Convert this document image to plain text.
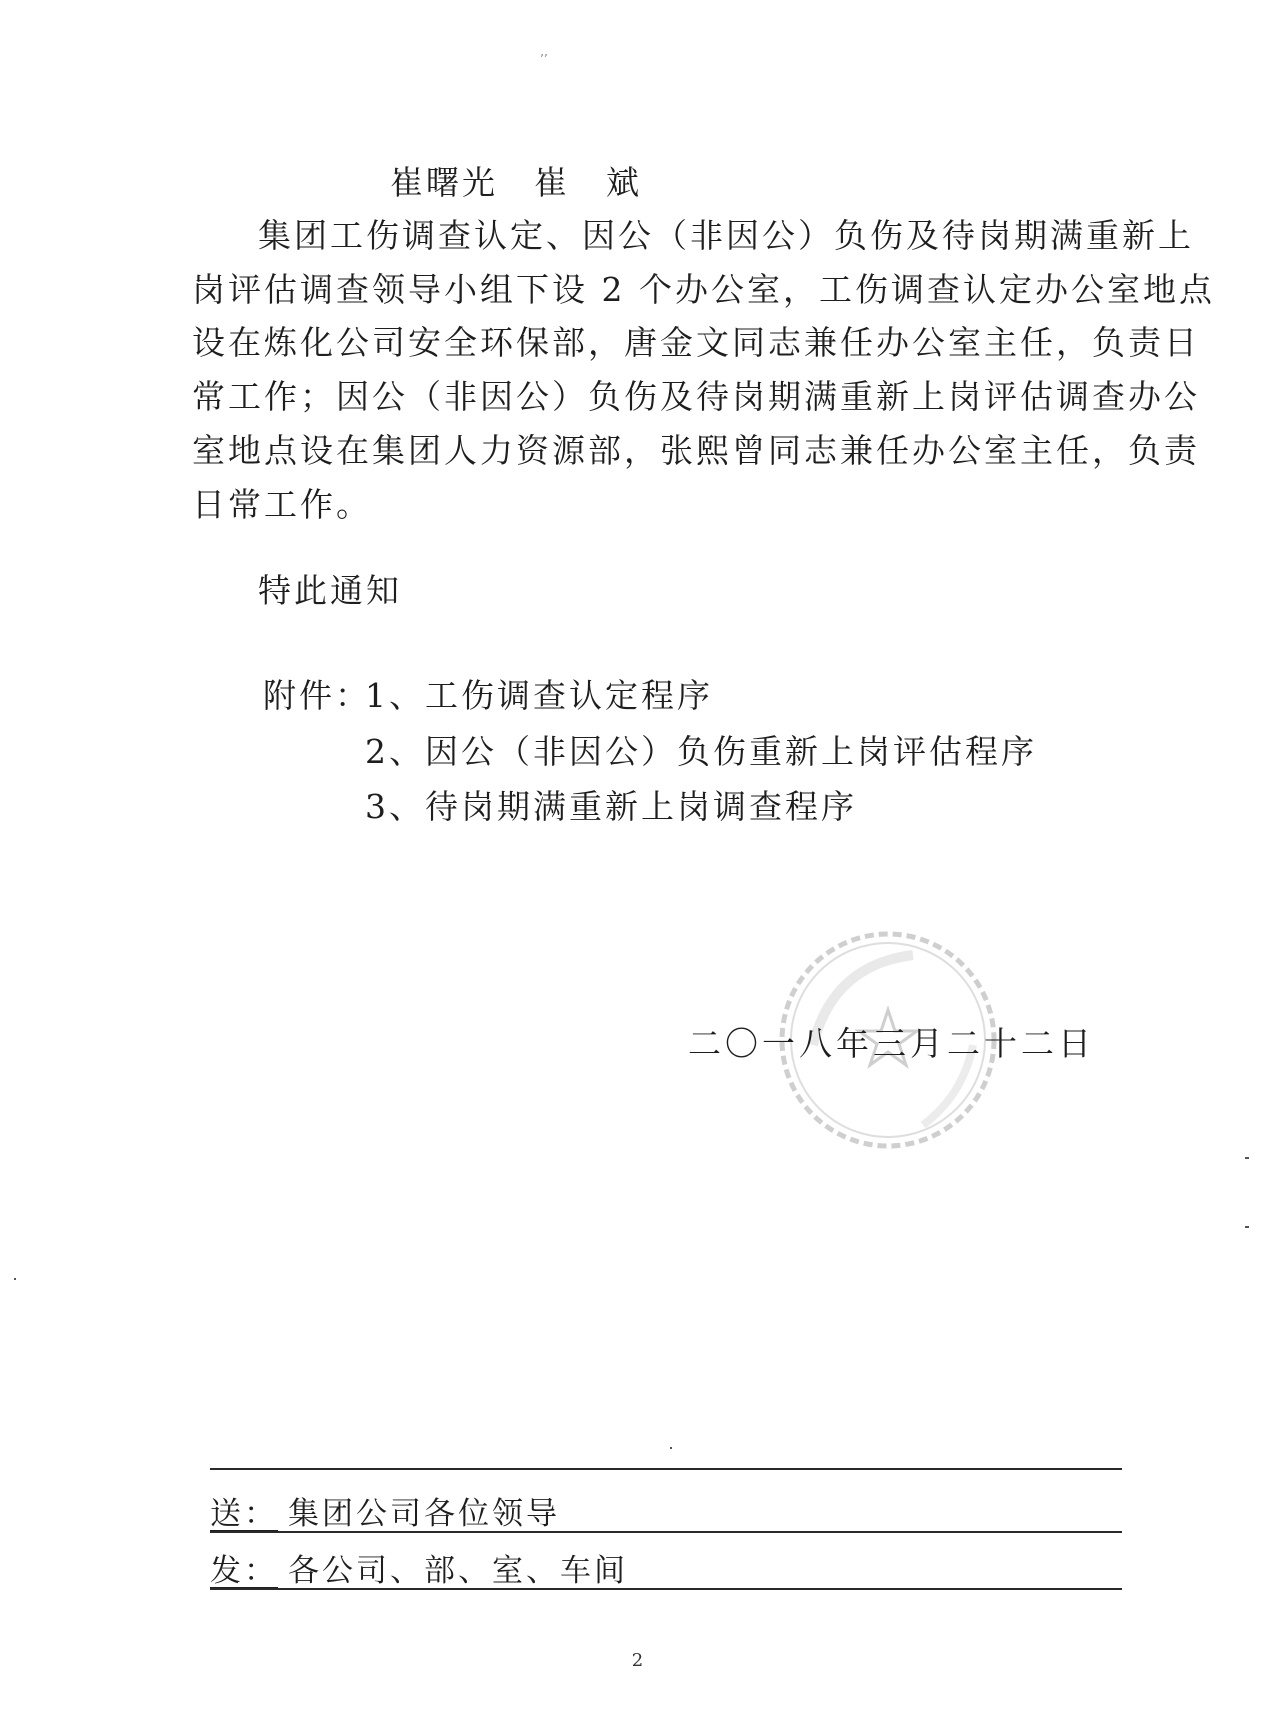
’’
崔曙光　崔　斌
集团工伤调查认定、因公（非因公）负伤及待岗期满重新上
岗评估调查领导小组下设 2 个办公室，工伤调查认定办公室地点
设在炼化公司安全环保部，唐金文同志兼任办公室主任，负责日
常工作；因公（非因公）负伤及待岗期满重新上岗评估调查办公
室地点设在集团人力资源部，张熙曾同志兼任办公室主任，负责
日常工作。
特此通知
附件：
1、工伤调查认定程序
2、因公（非因公）负伤重新上岗评估程序
3、待岗期满重新上岗调查程序
二〇一八年三月二十二日
送： 集团公司各位领导
发： 各公司、部、室、车间
2
